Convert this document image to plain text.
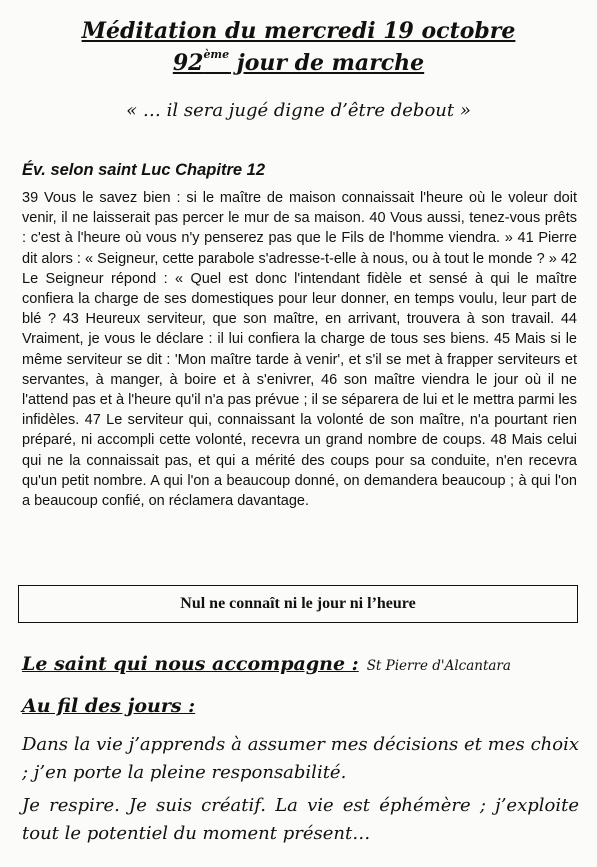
Méditation du mercredi 19 octobre
92ème jour de marche
« … il sera jugé digne d’être debout »
Év. selon saint Luc Chapitre 12
39 Vous le savez bien : si le maître de maison connaissait l'heure où le voleur doit venir, il ne laisserait pas percer le mur de sa maison. 40 Vous aussi, tenez-vous prêts : c'est à l'heure où vous n'y penserez pas que le Fils de l'homme viendra. » 41 Pierre dit alors : « Seigneur, cette parabole s'adresse-t-elle à nous, ou à tout le monde ? » 42 Le Seigneur répond : « Quel est donc l'intendant fidèle et sensé à qui le maître confiera la charge de ses domestiques pour leur donner, en temps voulu, leur part de blé ? 43 Heureux serviteur, que son maître, en arrivant, trouvera à son travail. 44 Vraiment, je vous le déclare : il lui confiera la charge de tous ses biens. 45 Mais si le même serviteur se dit : 'Mon maître tarde à venir', et s'il se met à frapper serviteurs et servantes, à manger, à boire et à s'enivrer, 46 son maître viendra le jour où il ne l'attend pas et à l'heure qu'il n'a pas prévue ; il se séparera de lui et le mettra parmi les infidèles. 47 Le serviteur qui, connaissant la volonté de son maître, n'a pourtant rien préparé, ni accompli cette volonté, recevra un grand nombre de coups. 48 Mais celui qui ne la connaissait pas, et qui a mérité des coups pour sa conduite, n'en recevra qu'un petit nombre. A qui l'on a beaucoup donné, on demandera beaucoup ; à qui l'on a beaucoup confié, on réclamera davantage.
Nul ne connaît ni le jour ni l’heure
Le saint qui nous accompagne : St Pierre d'Alcantara
Au fil des jours :
Dans la vie j’apprends à assumer mes décisions et mes choix ; j’en porte la pleine responsabilité.
Je respire. Je suis créatif. La vie est éphémère ; j’exploite tout le potentiel du moment présent…
